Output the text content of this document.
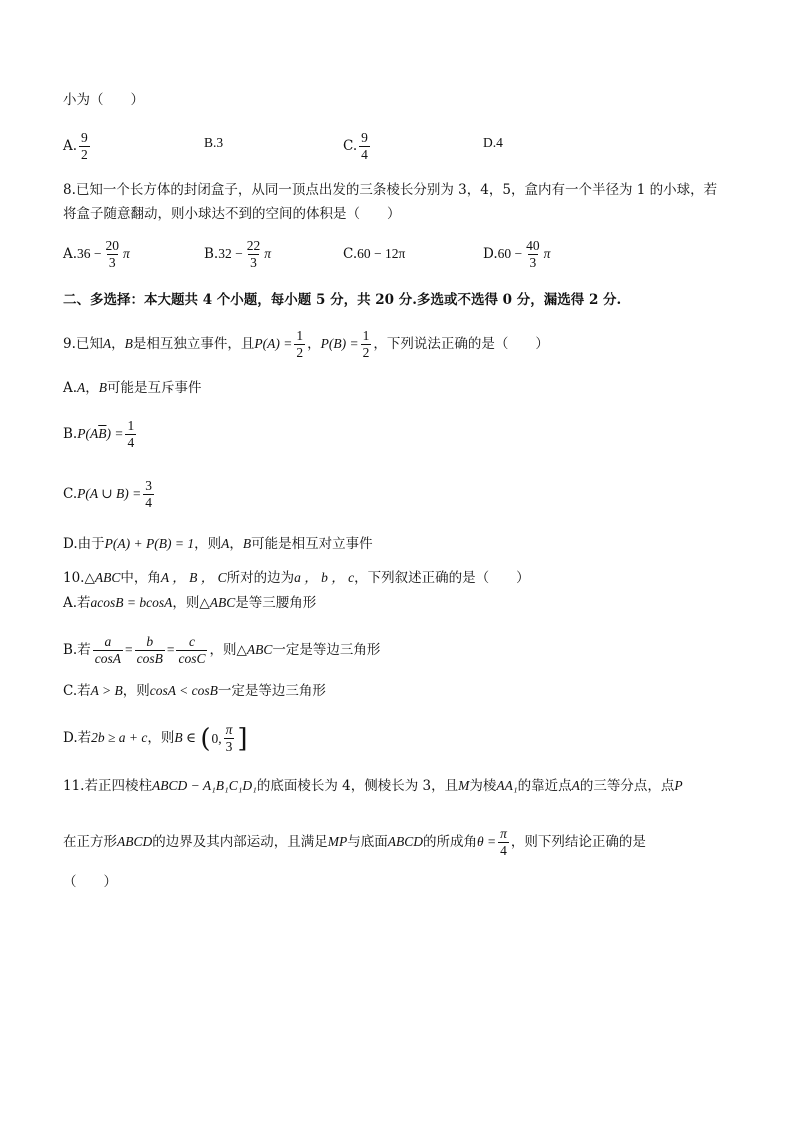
小为（　　）
A. $\frac{9}{2}$	B.3	C. $\frac{9}{4}$	D.4
8.已知一个长方体的封闭盒子，从同一顶点出发的三条棱长分别为 3，4，5，盒内有一个半径为 1 的小球，若
将盒子随意翻动，则小球达不到的空间的体积是（　　）
$A.36 - \frac{20}{3}$ π	$B.32 - \frac{22}{3}$ π	C.60 − 12π	$D.60 - \frac{40}{3}$ π
二、多选择：本大题共 4 个小题，每小题 5 分，共 20 分.多选或不选得 0 分，漏选得 2 分.
9.已知A，B是相互独立事件，且$P(A) = \frac{1}{2}$ ，$P(B) = \frac{1}{2}$ ，下列说法正确的是（　　）
A.A，B可能是互斥事件
$B.P(A\overline{B}) = \frac{1}{4}$
C.P(A ∪ $B) = \frac{3}{4}$
D.由于P(A) + P(B) = 1，则A，B可能是相互对立事件
10.△ABC中，角A ， B ， C所对的边为a ， b ， c，下列叙述正确的是（　　）
A.若acosB = bcosA，则△ABC是等三腰角形
B.若 $\frac{a}{\cos A} = \frac{b}{\cos B} = \frac{c}{\cos C}$ ，则△ABC一定是等边三角形
C.若A > B，则cosA < cosB一定是等边三角形
D.若2b ≥ a + c，则B ∈ ( 0, $\frac{\pi}{3}$ ]
11.若正四棱柱ABCD − A₁B₁C₁D₁的底面棱长为 4，侧棱长为 3，且M为棱AA₁的靠近点A的三等分点，点P
在正方形ABCD的边界及其内部运动，且满足MP与底面ABCD的所成角$\theta = \frac{\pi}{4}$ ，则下列结论正确的是
（　　）
